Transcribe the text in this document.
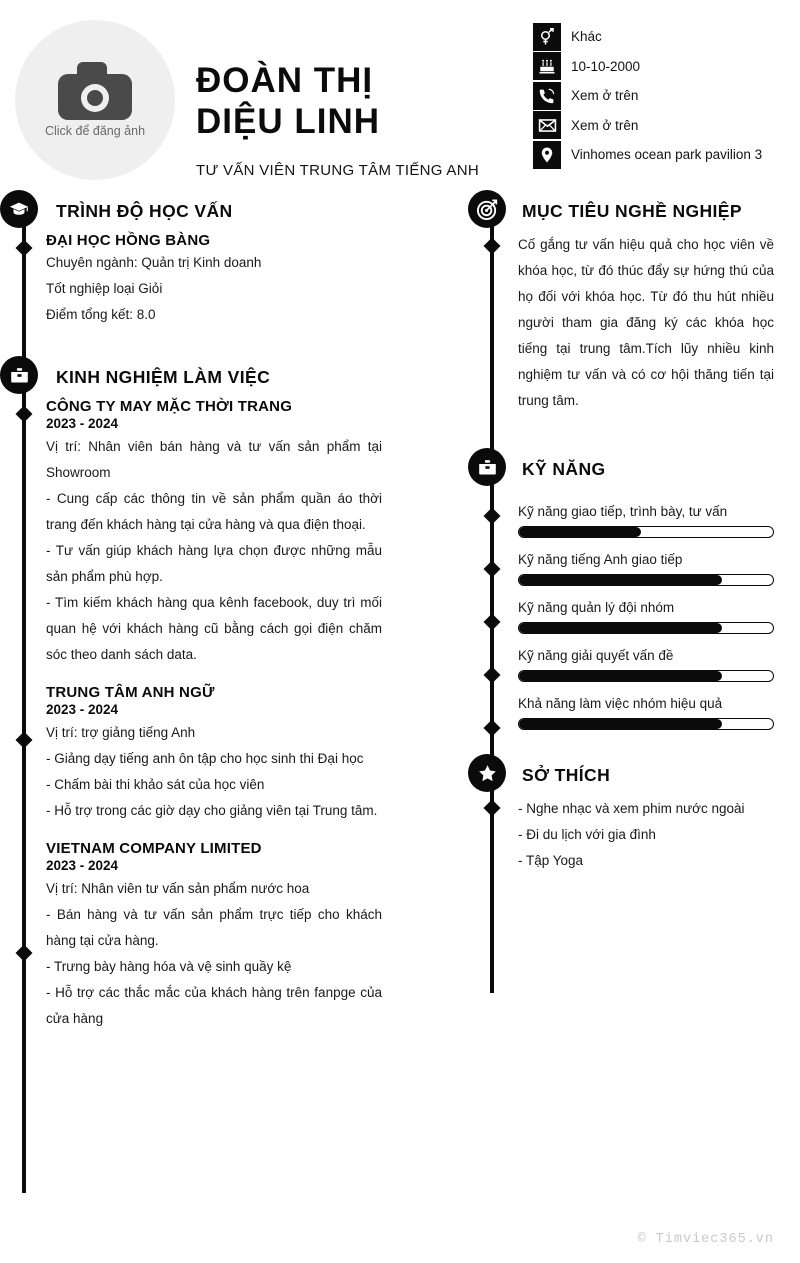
Click để đăng ảnh
ĐOÀN THỊ
DIỆU LINH
TƯ VẤN VIÊN TRUNG TÂM TIẾNG ANH
Khác
10-10-2000
Xem ở trên
Xem ở trên
Vinhomes ocean park pavilion 3
TRÌNH ĐỘ HỌC VẤN
ĐẠI HỌC HỒNG BÀNG
Chuyên ngành: Quản trị Kinh doanh
Tốt nghiệp loại Giỏi
Điểm tổng kết: 8.0
KINH NGHIỆM LÀM VIỆC
CÔNG TY MAY MẶC THỜI TRANG
2023 - 2024
Vị trí: Nhân viên bán hàng và tư vấn sản phẩm tại Showroom
- Cung cấp các thông tin về sản phẩm quần áo thời trang đến khách hàng tại cửa hàng và qua điện thoại.
- Tư vấn giúp khách hàng lựa chọn được những mẫu sản phẩm phù hợp.
- Tìm kiếm khách hàng qua kênh facebook, duy trì mối quan hệ với khách hàng cũ bằng cách gọi điện chăm sóc theo danh sách data.
TRUNG TÂM ANH NGỮ
2023 - 2024
Vị trí: trợ giảng tiếng Anh
- Giảng dạy tiếng anh ôn tập cho học sinh thi Đại học
- Chấm bài thi khảo sát của học viên
- Hỗ trợ trong các giờ dạy cho giảng viên tại Trung tâm.
VIETNAM COMPANY LIMITED
2023 - 2024
Vị trí: Nhân viên tư vấn sản phẩm nước hoa
- Bán hàng và tư vấn sản phẩm trực tiếp cho khách hàng tại cửa hàng.
- Trưng bày hàng hóa và vệ sinh quầy kệ
- Hỗ trợ các thắc mắc của khách hàng trên fanpge của cửa hàng
MỤC TIÊU NGHỀ NGHIỆP
Cố gắng tư vấn hiệu quả cho học viên về khóa học, từ đó thúc đẩy sự hứng thú của họ đối với khóa học. Từ đó thu hút nhiều người tham gia đăng ký các khóa học tiếng tại trung tâm.Tích lũy nhiều kinh nghiệm tư vấn và có cơ hội thăng tiến tại trung tâm.
KỸ NĂNG
Kỹ năng giao tiếp, trình bày, tư vấn
Kỹ năng tiếng Anh giao tiếp
Kỹ năng quản lý đội nhóm
Kỹ năng giải quyết vấn đề
Khả năng làm việc nhóm hiệu quả
SỞ THÍCH
- Nghe nhạc và xem phim nước ngoài
- Đi du lịch với gia đình
- Tập Yoga
© Timviec365.vn
